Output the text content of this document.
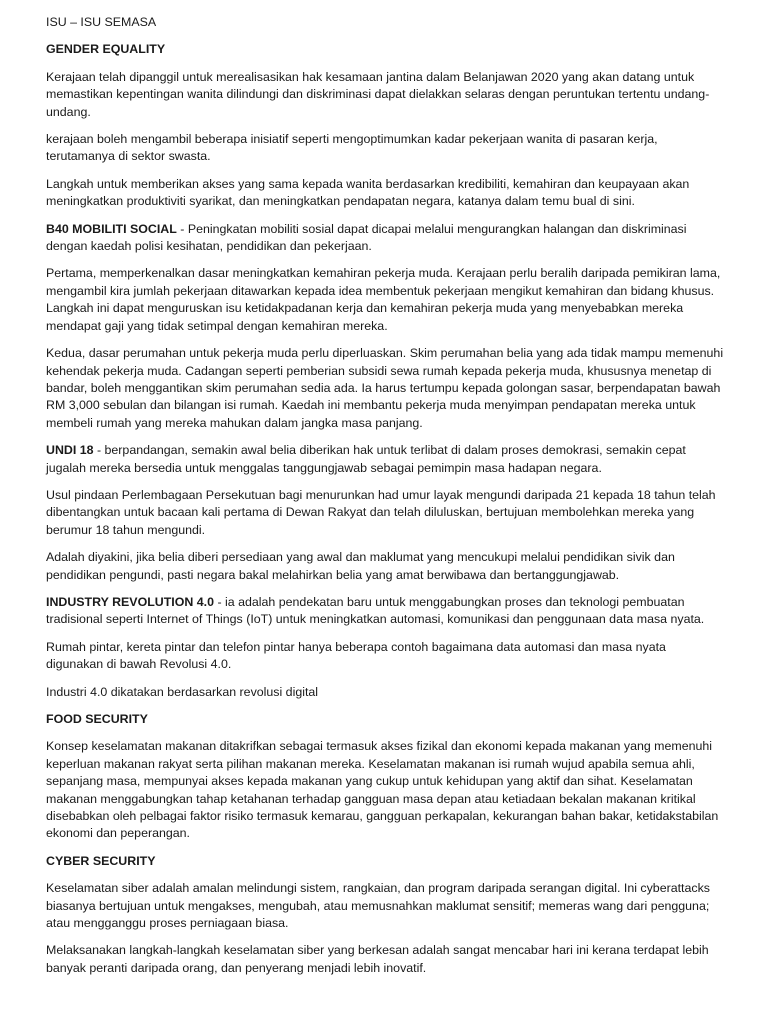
ISU – ISU SEMASA
GENDER EQUALITY

Kerajaan telah dipanggil untuk merealisasikan hak kesamaan jantina dalam Belanjawan 2020 yang akan datang untuk memastikan kepentingan wanita dilindungi dan diskriminasi dapat dielakkan selaras dengan peruntukan tertentu undang-undang.

kerajaan boleh mengambil beberapa inisiatif seperti mengoptimumkan kadar pekerjaan wanita di pasaran kerja, terutamanya di sektor swasta.

Langkah untuk memberikan akses yang sama kepada wanita berdasarkan kredibiliti, kemahiran dan keupayaan akan meningkatkan produktiviti syarikat, dan meningkatkan pendapatan negara, katanya dalam temu bual di sini.

B40 MOBILITI SOCIAL - Peningkatan mobiliti sosial dapat dicapai melalui mengurangkan halangan dan diskriminasi dengan kaedah polisi kesihatan, pendidikan dan pekerjaan.

Pertama, memperkenalkan dasar meningkatkan kemahiran pekerja muda. Kerajaan perlu beralih daripada pemikiran lama, mengambil kira jumlah pekerjaan ditawarkan kepada idea membentuk pekerjaan mengikut kemahiran dan bidang khusus. Langkah ini dapat menguruskan isu ketidakpadanan kerja dan kemahiran pekerja muda yang menyebabkan mereka mendapat gaji yang tidak setimpal dengan kemahiran mereka.

Kedua, dasar perumahan untuk pekerja muda perlu diperluaskan. Skim perumahan belia yang ada tidak mampu memenuhi kehendak pekerja muda. Cadangan seperti pemberian subsidi sewa rumah kepada pekerja muda, khususnya menetap di bandar, boleh menggantikan skim perumahan sedia ada. Ia harus tertumpu kepada golongan sasar, berpendapatan bawah RM 3,000 sebulan dan bilangan isi rumah. Kaedah ini membantu pekerja muda menyimpan pendapatan mereka untuk membeli rumah yang mereka mahukan dalam jangka masa panjang.

UNDI 18 - berpandangan, semakin awal belia diberikan hak untuk terlibat di dalam proses demokrasi, semakin cepat jugalah mereka bersedia untuk menggalas tanggungjawab sebagai pemimpin masa hadapan negara.

Usul pindaan Perlembagaan Persekutuan bagi menurunkan had umur layak mengundi daripada 21 kepada 18 tahun telah dibentangkan untuk bacaan kali pertama di Dewan Rakyat dan telah diluluskan, bertujuan membolehkan mereka yang berumur 18 tahun mengundi.

Adalah diyakini, jika belia diberi persediaan yang awal dan maklumat yang mencukupi melalui pendidikan sivik dan pendidikan pengundi, pasti negara bakal melahirkan belia yang amat berwibawa dan bertanggungjawab.

INDUSTRY REVOLUTION 4.0 - ia adalah pendekatan baru untuk menggabungkan proses dan teknologi pembuatan tradisional seperti Internet of Things (IoT) untuk meningkatkan automasi, komunikasi dan penggunaan data masa nyata.

Rumah pintar, kereta pintar dan telefon pintar hanya beberapa contoh bagaimana data automasi dan masa nyata digunakan di bawah Revolusi 4.0.

Industri 4.0 dikatakan berdasarkan revolusi digital

FOOD SECURITY

Konsep keselamatan makanan ditakrifkan sebagai termasuk akses fizikal dan ekonomi kepada makanan yang memenuhi keperluan makanan rakyat serta pilihan makanan mereka. Keselamatan makanan isi rumah wujud apabila semua ahli, sepanjang masa, mempunyai akses kepada makanan yang cukup untuk kehidupan yang aktif dan sihat. Keselamatan makanan menggabungkan tahap ketahanan terhadap gangguan masa depan atau ketiadaan bekalan makanan kritikal disebabkan oleh pelbagai faktor risiko termasuk kemarau, gangguan perkapalan, kekurangan bahan bakar, ketidakstabilan ekonomi dan peperangan.

CYBER SECURITY

Keselamatan siber adalah amalan melindungi sistem, rangkaian, dan program daripada serangan digital. Ini cyberattacks biasanya bertujuan untuk mengakses, mengubah, atau memusnahkan maklumat sensitif; memeras wang dari pengguna; atau mengganggu proses perniagaan biasa.

Melaksanakan langkah-langkah keselamatan siber yang berkesan adalah sangat mencabar hari ini kerana terdapat lebih banyak peranti daripada orang, dan penyerang menjadi lebih inovatif.
